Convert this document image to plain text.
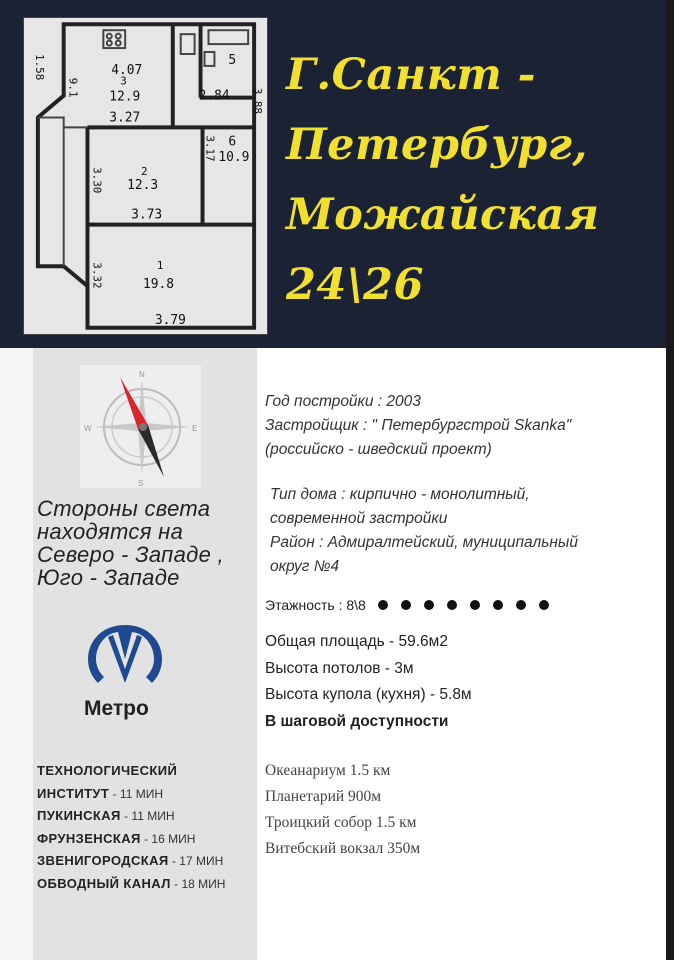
4.07
3
12.9
3.27
5
2.84
6
10.9
2
12.3
3.73
1
19.8
3.79
3.88
3.17
3.30
3.32
1.58
9.1	Г.Санкт -
Петербург,
Можайская
24\26
N
E
S
W
Стороны света
находятся на
Северо - Западе ,
Юго - Западе
Метро
ТЕХНОЛОГИЧЕСКИЙ
ИНСТИТУТ - 11 МИН
ПУКИНСКАЯ - 11 МИН
ФРУНЗЕНСКАЯ - 16 МИН
ЗВЕНИГОРОДСКАЯ - 17 МИН
ОБВОДНЫЙ КАНАЛ - 18 МИН
Год постройки : 2003
Застройщик : " Петербургстрой Skanka"
(российско - шведский проект)
Тип дома : кирпично - монолитный,
современной застройки
Район : Адмиралтейский, муниципальный
округ №4
Этажность : 8\8
Общая площадь - 59.6м2
Высота потолов - 3м
Высота купола (кухня) - 5.8м
В шаговой доступности
Океанариум 1.5 км
Планетарий 900м
Троицкий собор 1.5 км
Витебский вокзал 350м
